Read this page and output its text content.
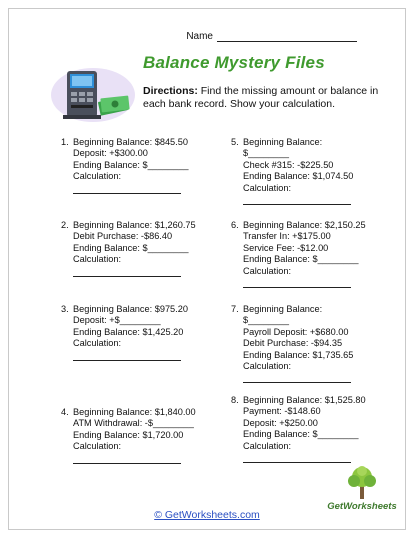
Name
Balance Mystery Files
Directions: Find the missing amount or balance in each bank record. Show your calculation.
1. Beginning Balance: $845.50
Deposit: +$300.00
Ending Balance: $________
Calculation:
2. Beginning Balance: $1,260.75
Debit Purchase: -$86.40
Ending Balance: $________
Calculation:
3. Beginning Balance: $975.20
Deposit: +$________
Ending Balance: $1,425.20
Calculation:
4. Beginning Balance: $1,840.00
ATM Withdrawal: -$________
Ending Balance: $1,720.00
Calculation:
5. Beginning Balance:
$________
Check #315: -$225.50
Ending Balance: $1,074.50
Calculation:
6. Beginning Balance: $2,150.25
Transfer In: +$175.00
Service Fee: -$12.00
Ending Balance: $________
Calculation:
7. Beginning Balance:
$________
Payroll Deposit: +$680.00
Debit Purchase: -$94.35
Ending Balance: $1,735.65
Calculation:
8. Beginning Balance: $1,525.80
Payment: -$148.60
Deposit: +$250.00
Ending Balance: $________
Calculation:
GetWorksheets
© GetWorksheets.com
